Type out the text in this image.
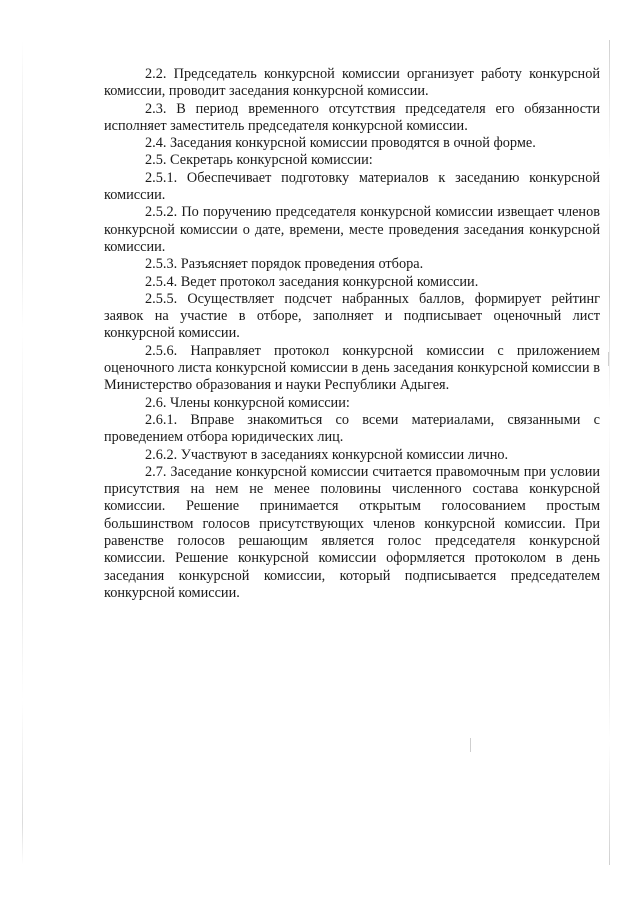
2.2. Председатель конкурсной комиссии организует работу конкурсной комиссии, проводит заседания конкурсной комиссии.

2.3. В период временного отсутствия председателя его обязанности исполняет заместитель председателя конкурсной комиссии.

2.4. Заседания конкурсной комиссии проводятся в очной форме.

2.5. Секретарь конкурсной комиссии:

2.5.1. Обеспечивает подготовку материалов к заседанию конкурсной комиссии.

2.5.2. По поручению председателя конкурсной комиссии извещает членов конкурсной комиссии о дате, времени, месте проведения заседания конкурсной комиссии.

2.5.3. Разъясняет порядок проведения отбора.

2.5.4. Ведет протокол заседания конкурсной комиссии.

2.5.5. Осуществляет подсчет набранных баллов, формирует рейтинг заявок на участие в отборе, заполняет и подписывает оценочный лист конкурсной комиссии.

2.5.6. Направляет протокол конкурсной комиссии с приложением оценочного листа конкурсной комиссии в день заседания конкурсной комиссии в Министерство образования и науки Республики Адыгея.

2.6. Члены конкурсной комиссии:

2.6.1. Вправе знакомиться со всеми материалами, связанными с проведением отбора юридических лиц.

2.6.2. Участвуют в заседаниях конкурсной комиссии лично.

2.7. Заседание конкурсной комиссии считается правомочным при условии присутствия на нем не менее половины численного состава конкурсной комиссии. Решение принимается открытым голосованием простым большинством голосов присутствующих членов конкурсной комиссии. При равенстве голосов решающим является голос председателя конкурсной комиссии. Решение конкурсной комиссии оформляется протоколом в день заседания конкурсной комиссии, который подписывается председателем конкурсной комиссии.
